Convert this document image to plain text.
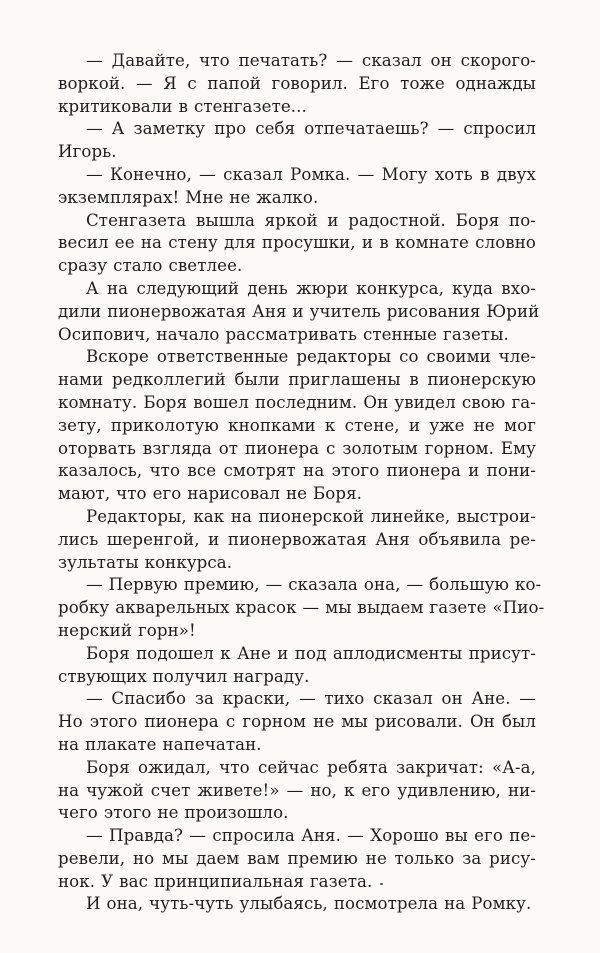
— Давайте, что печатать? — сказал он скорого-
воркой. — Я с папой говорил. Его тоже однажды
критиковали в стенгазете...

— А заметку про себя отпечатаешь? — спросил
Игорь.

— Конечно, — сказал Ромка. — Могу хоть в двух
экземплярах! Мне не жалко.

Стенгазета вышла яркой и радостной. Боря по-
весил ее на стену для просушки, и в комнате словно
сразу стало светлее.

А на следующий день жюри конкурса, куда вхо-
дили пионервожатая Аня и учитель рисования Юрий
Осипович, начало рассматривать стенные газеты.

Вскоре ответственные редакторы со своими чле-
нами редколлегий были приглашены в пионерскую
комнату. Боря вошел последним. Он увидел свою га-
зету, приколотую кнопками к стене, и уже не мог
оторвать взгляда от пионера с золотым горном. Ему
казалось, что все смотрят на этого пионера и пони-
мают, что его нарисовал не Боря.

Редакторы, как на пионерской линейке, выстрои-
лись шеренгой, и пионервожатая Аня объявила ре-
зультаты конкурса.

— Первую премию, — сказала она, — большую ко-
робку акварельных красок — мы выдаем газете «Пио-
нерский горн»!

Боря подошел к Ане и под аплодисменты присут-
ствующих получил награду.

— Спасибо за краски, — тихо сказал он Ане. —
Но этого пионера с горном не мы рисовали. Он был
на плакате напечатан.

Боря ожидал, что сейчас ребята закричат: «А-а,
на чужой счет живете!» — но, к его удивлению, ни-
чего этого не произошло.

— Правда? — спросила Аня. — Хорошо вы его пе-
ревели, но мы даем вам премию не только за рису-
нок. У вас принципиальная газета.

И она, чуть-чуть улыбаясь, посмотрела на Ромку.
